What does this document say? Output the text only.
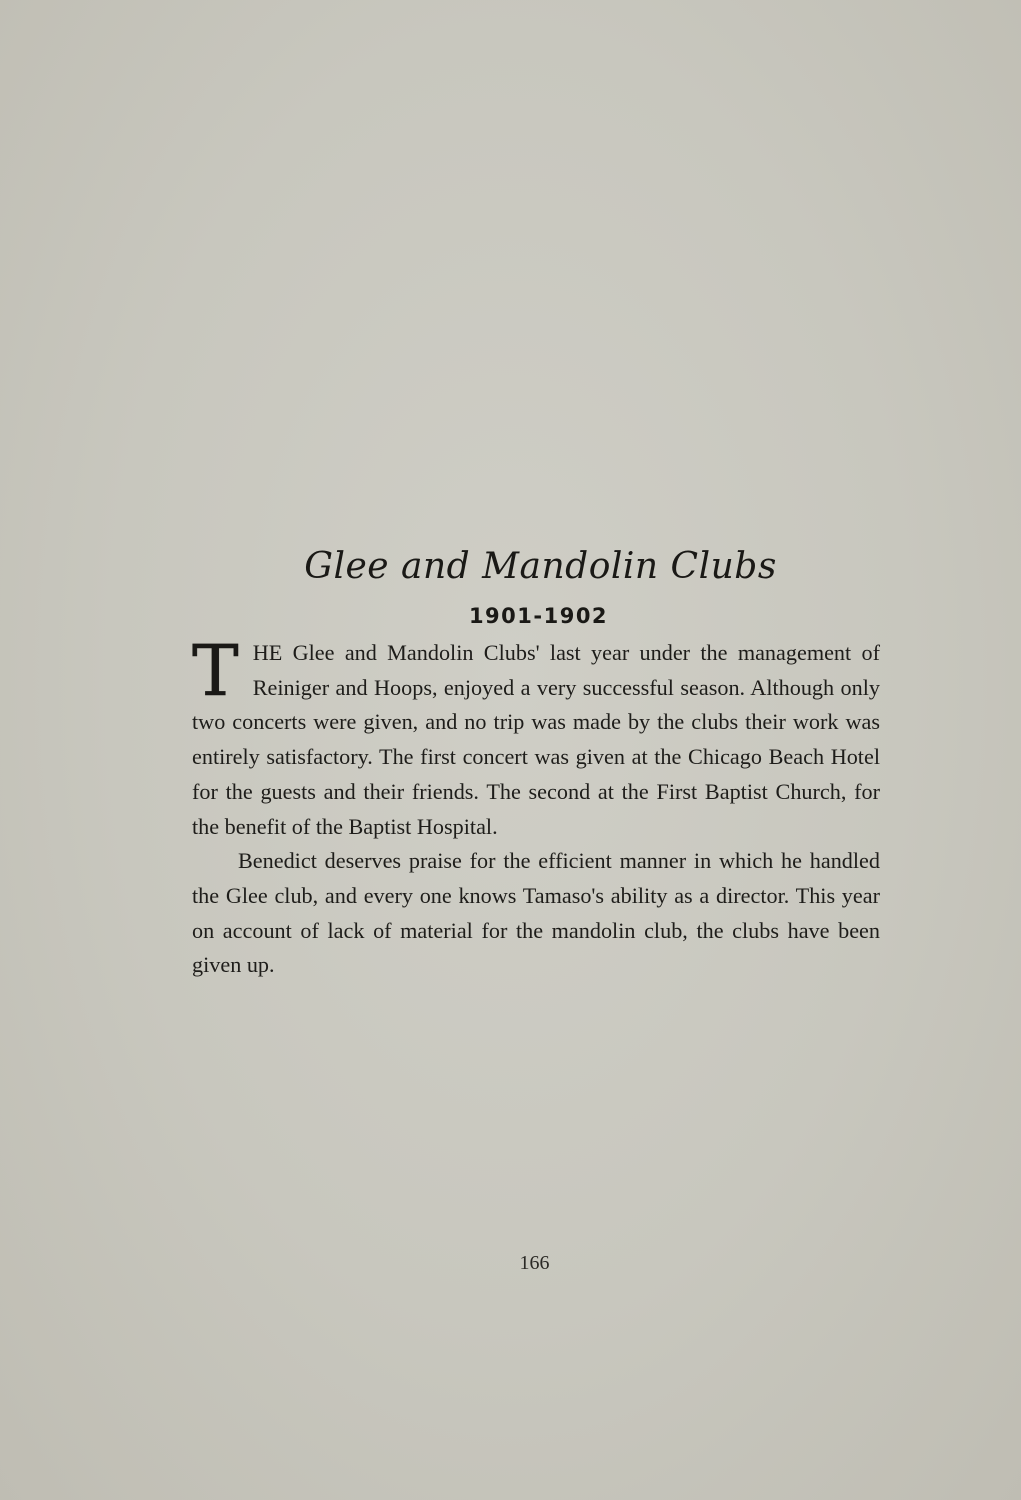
Glee and Mandolin Clubs
1901-1902

THE Glee and Mandolin Clubs' last year under the management of Reiniger and Hoops, enjoyed a very successful season. Although only two concerts were given, and no trip was made by the clubs their work was entirely satisfactory. The first concert was given at the Chicago Beach Hotel for the guests and their friends. The second at the First Baptist Church, for the benefit of the Baptist Hospital.

Benedict deserves praise for the efficient manner in which he handled the Glee club, and every one knows Tamaso's ability as a director. This year on account of lack of material for the mandolin club, the clubs have been given up.

166
